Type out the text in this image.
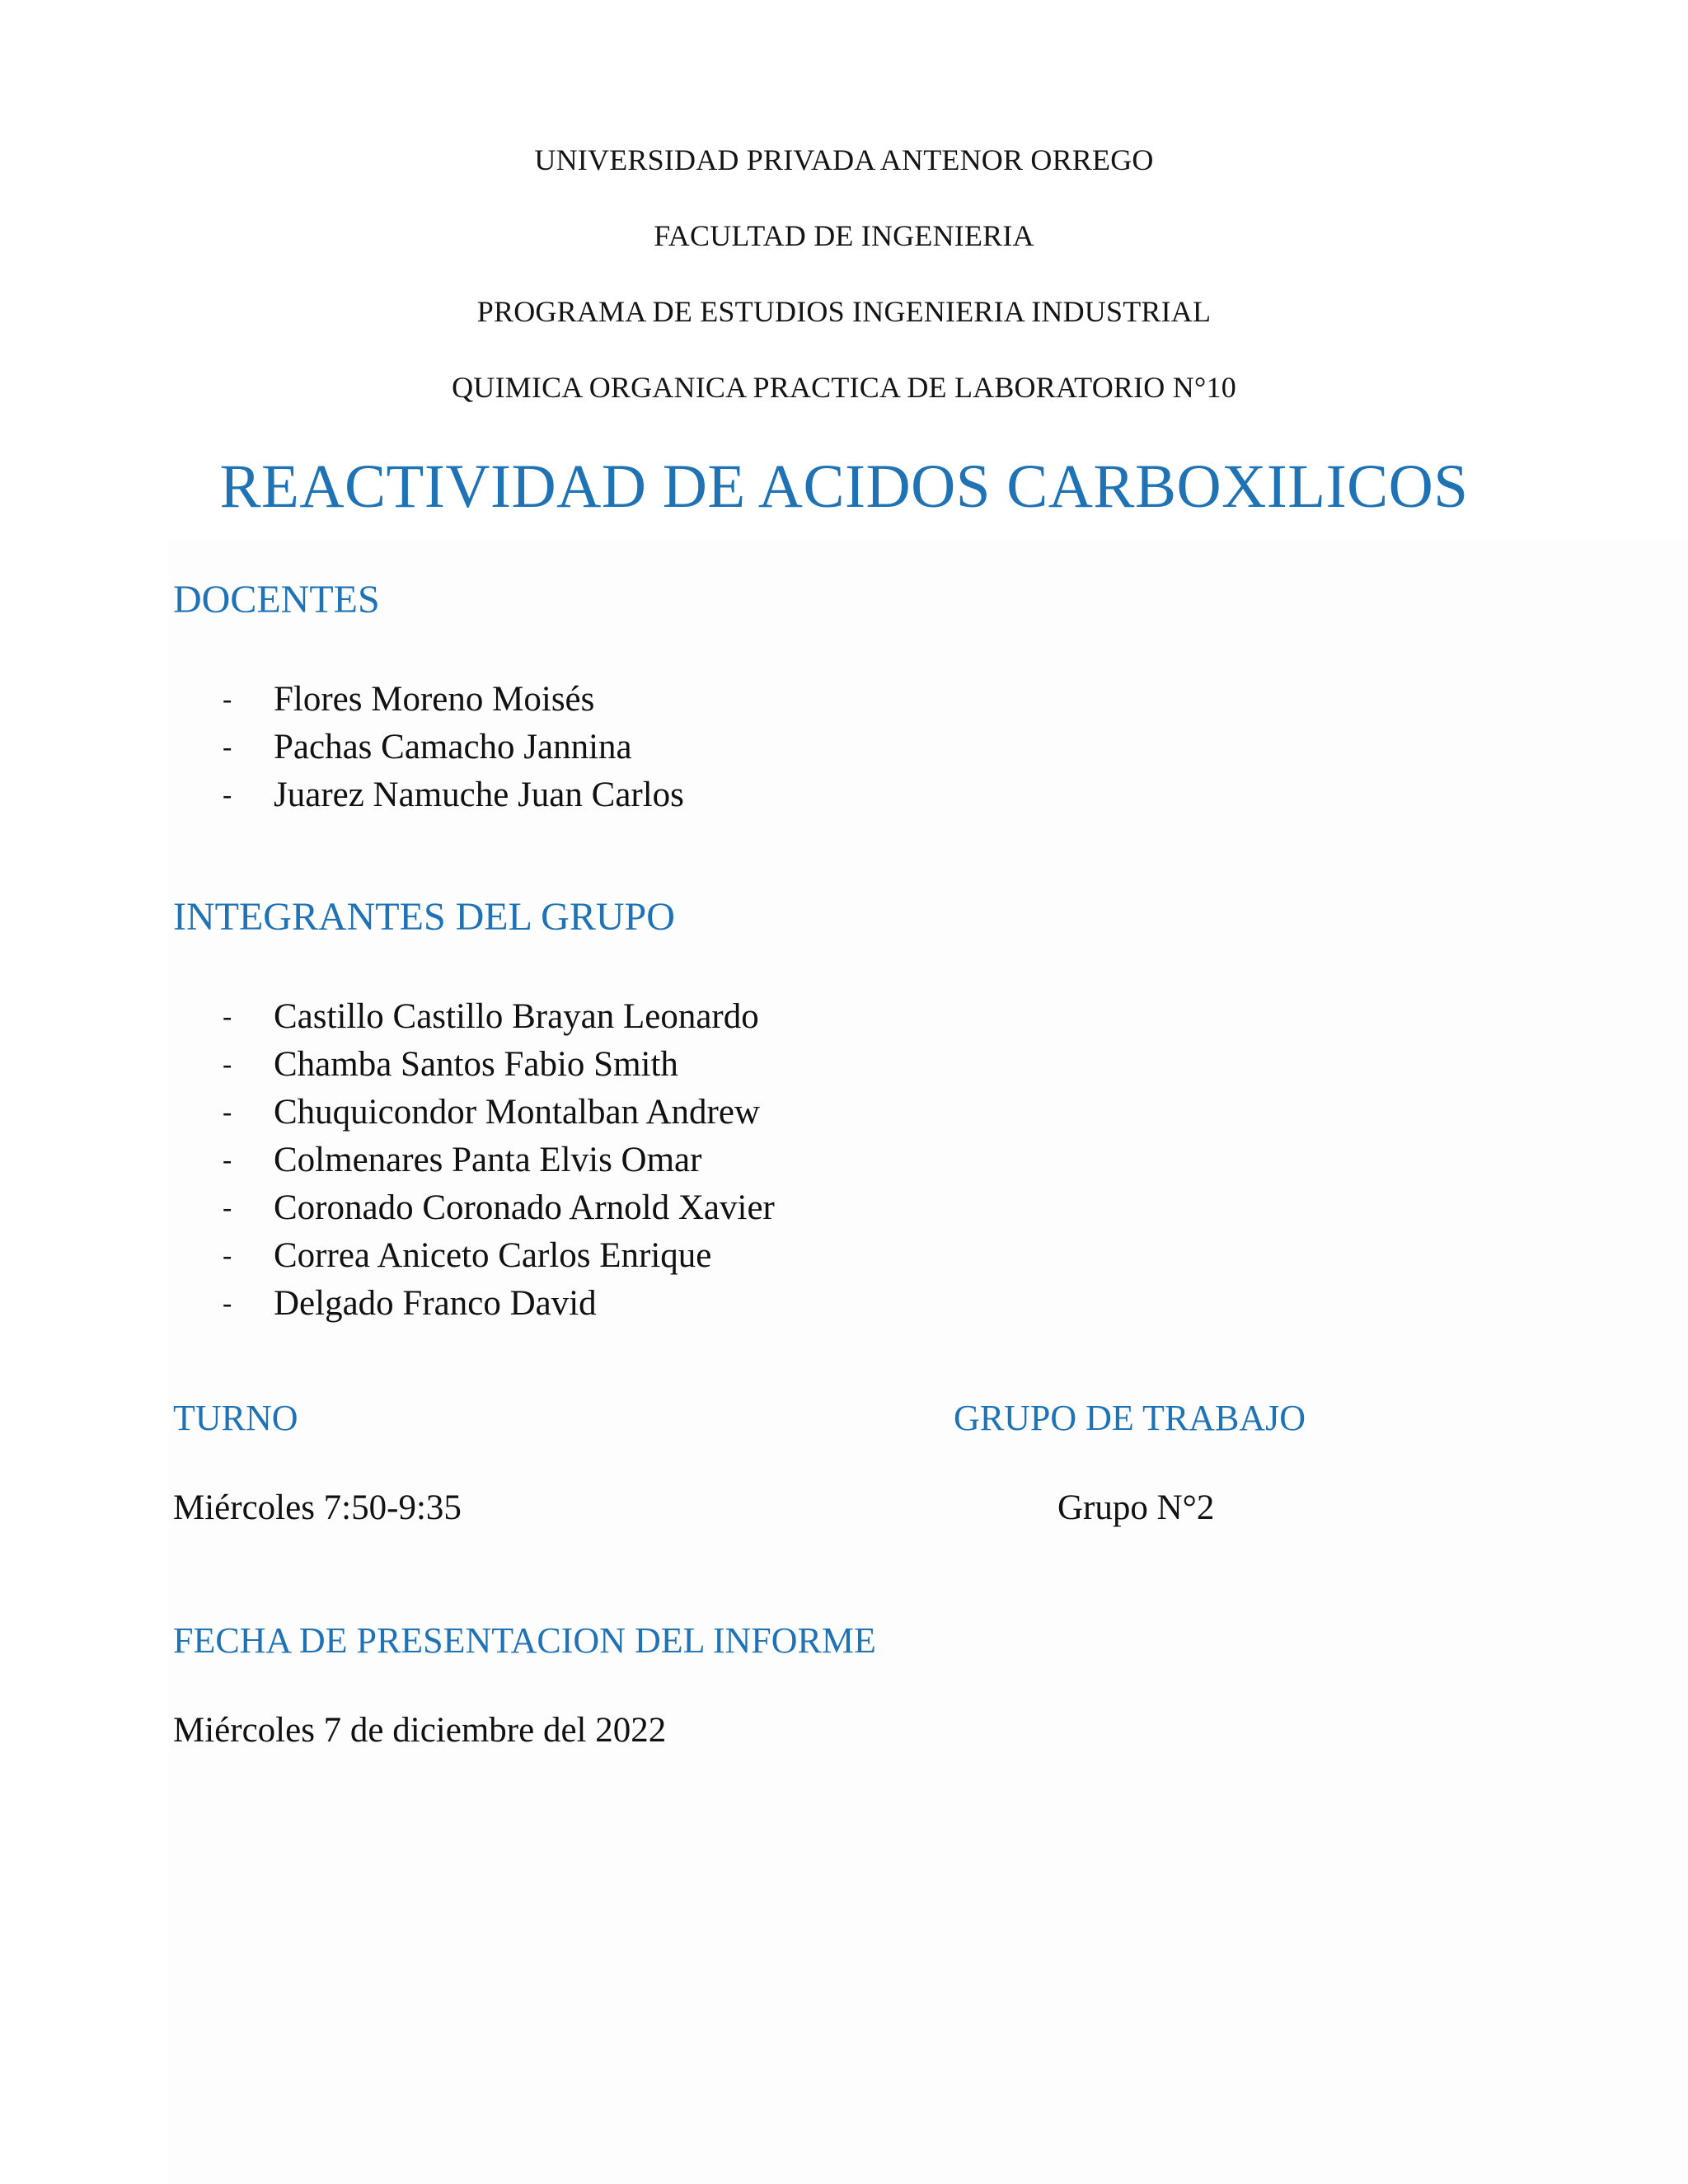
UNIVERSIDAD PRIVADA ANTENOR ORREGO
FACULTAD DE INGENIERIA
PROGRAMA DE ESTUDIOS INGENIERIA INDUSTRIAL
QUIMICA ORGANICA PRACTICA DE LABORATORIO N°10
REACTIVIDAD DE ACIDOS CARBOXILICOS
DOCENTES
- Flores Moreno Moisés
- Pachas Camacho Jannina
- Juarez Namuche Juan Carlos
INTEGRANTES DEL GRUPO
- Castillo Castillo Brayan Leonardo
- Chamba Santos Fabio Smith
- Chuquicondor Montalban Andrew
- Colmenares Panta Elvis Omar
- Coronado Coronado Arnold Xavier
- Correa Aniceto Carlos Enrique
- Delgado Franco David
TURNO	GRUPO DE TRABAJO
Miércoles 7:50-9:35	Grupo N°2
FECHA DE PRESENTACION DEL INFORME
Miércoles 7 de diciembre del 2022
